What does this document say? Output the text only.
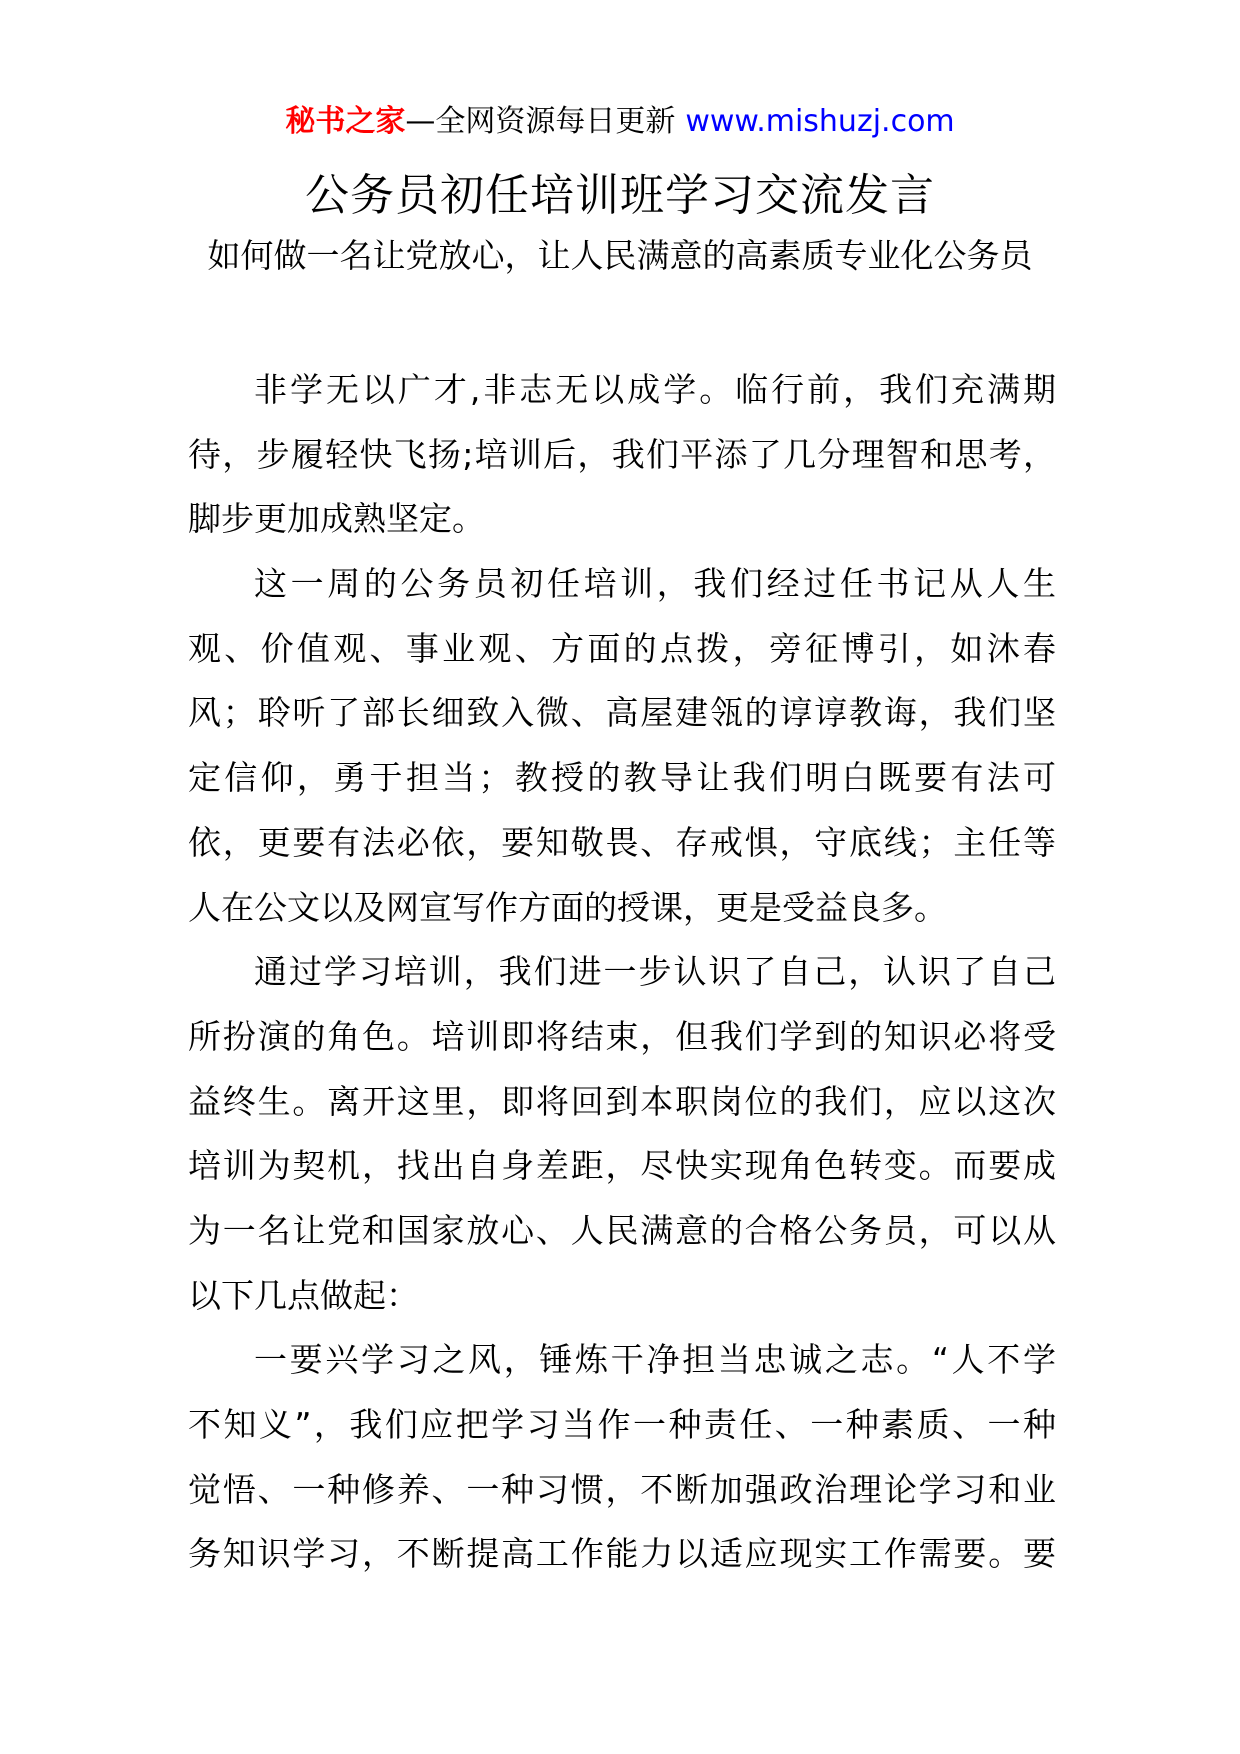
秘书之家—全网资源每日更新 www.mishuzj.com
公务员初任培训班学习交流发言
如何做一名让党放心，让人民满意的高素质专业化公务员

非学无以广才,非志无以成学。临行前，我们充满期
待，步履轻快飞扬;培训后，我们平添了几分理智和思考，
脚步更加成熟坚定。

这一周的公务员初任培训，我们经过任书记从人生
观、价值观、事业观、方面的点拨，旁征博引，如沐春
风；聆听了部长细致入微、高屋建瓴的谆谆教诲，我们坚
定信仰，勇于担当；教授的教导让我们明白既要有法可
依，更要有法必依，要知敬畏、存戒惧，守底线；主任等
人在公文以及网宣写作方面的授课，更是受益良多。

通过学习培训，我们进一步认识了自己，认识了自己
所扮演的角色。培训即将结束，但我们学到的知识必将受
益终生。离开这里，即将回到本职岗位的我们，应以这次
培训为契机，找出自身差距，尽快实现角色转变。而要成
为一名让党和国家放心、人民满意的合格公务员，可以从
以下几点做起：

一要兴学习之风，锤炼干净担当忠诚之志。“人不学
不知义”，我们应把学习当作一种责任、一种素质、一种
觉悟、一种修养、一种习惯，不断加强政治理论学习和业
务知识学习，不断提高工作能力以适应现实工作需要。要
